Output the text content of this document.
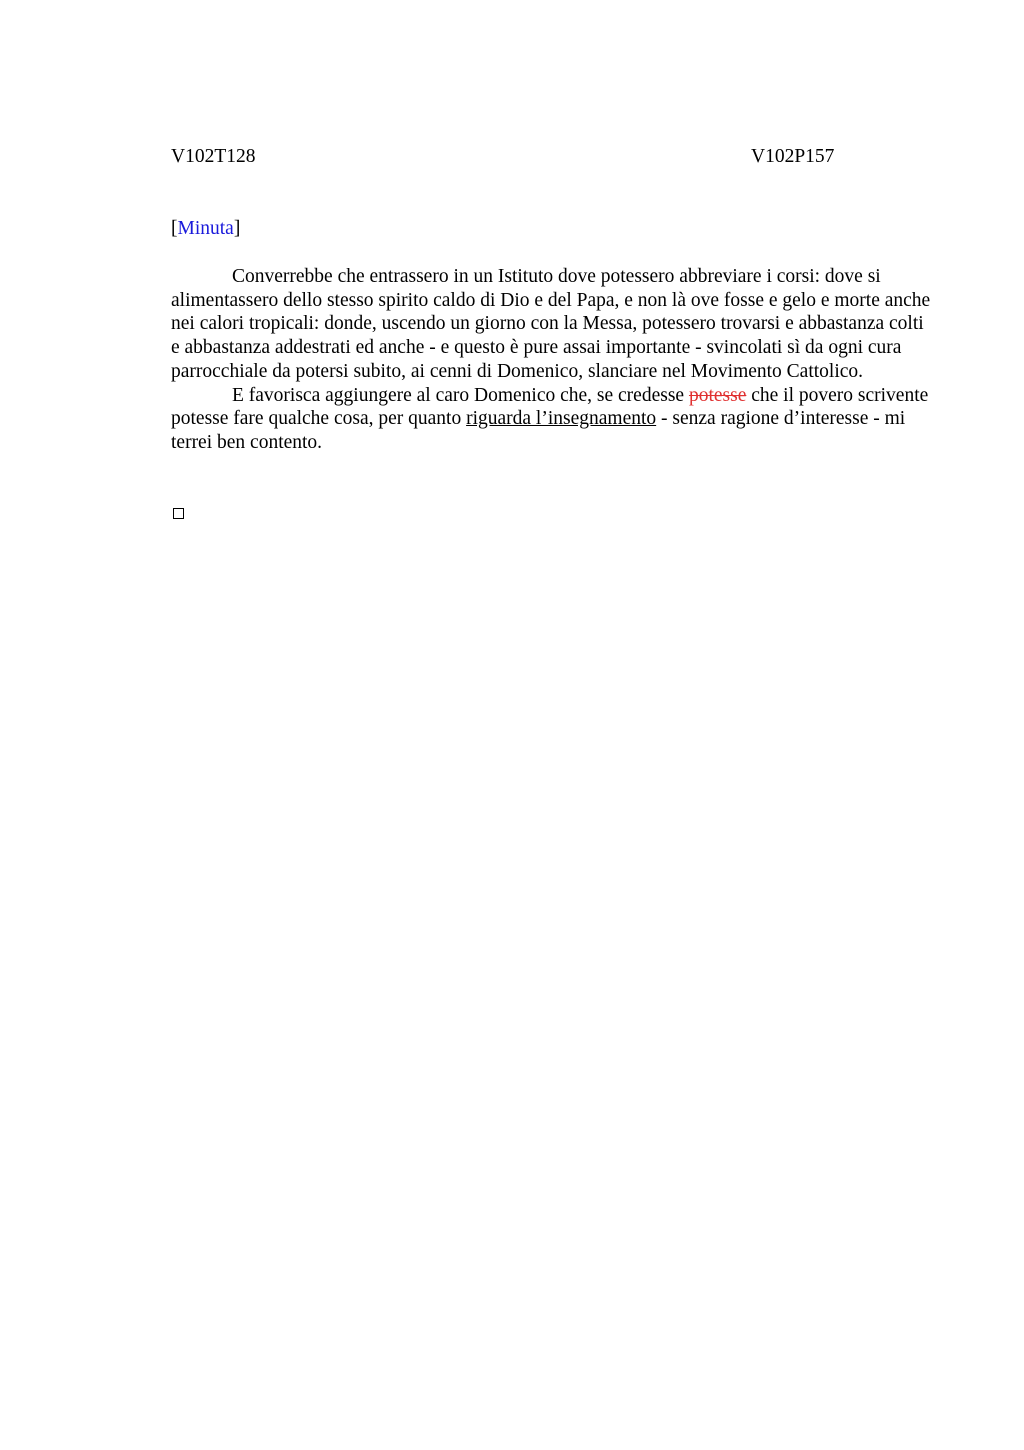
V102T128	V102P157
[Minuta]

Converrebbe che entrassero in un Istituto dove potessero abbreviare i corsi: dove si alimentassero dello stesso spirito caldo di Dio e del Papa, e non là ove fosse e gelo e morte anche nei calori tropicali: donde, uscendo un giorno con la Messa, potessero trovarsi e abbastanza colti e abbastanza addestrati ed anche - e questo è pure assai importante - svincolati sì da ogni cura parrocchiale da potersi subito, ai cenni di Domenico, slanciare nel Movimento Cattolico.

E favorisca aggiungere al caro Domenico che, se credesse potesse che il povero scrivente potesse fare qualche cosa, per quanto riguarda l’insegnamento - senza ragione d’interesse - mi terrei ben contento.
